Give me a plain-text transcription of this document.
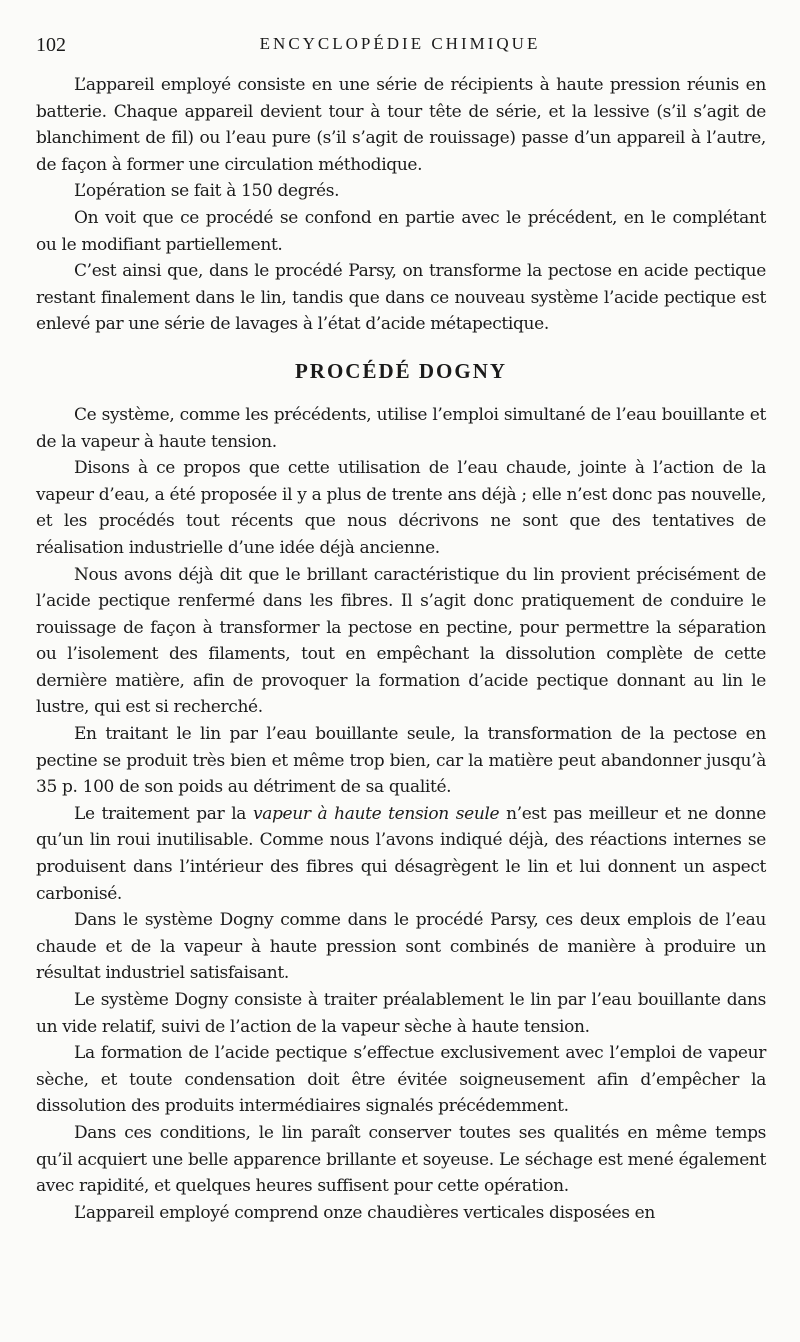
102	ENCYCLOPÉDIE CHIMIQUE

L’appareil employé consiste en une série de récipients à haute pression réunis en batterie. Chaque appareil devient tour à tour tête de série, et la lessive (s’il s’agit de blanchiment de fil) ou l’eau pure (s’il s’agit de rouissage) passe d’un appareil à l’autre, de façon à former une circulation méthodique.

L’opération se fait à 150 degrés.

On voit que ce procédé se confond en partie avec le précédent, en le complétant ou le modifiant partiellement.

C’est ainsi que, dans le procédé Parsy, on transforme la pectose en acide pectique restant finalement dans le lin, tandis que dans ce nouveau système l’acide pectique est enlevé par une série de lavages à l’état d’acide métapectique.

PROCÉDÉ DOGNY

Ce système, comme les précédents, utilise l’emploi simultané de l’eau bouillante et de la vapeur à haute tension.

Disons à ce propos que cette utilisation de l’eau chaude, jointe à l’action de la vapeur d’eau, a été proposée il y a plus de trente ans déjà ; elle n’est donc pas nouvelle, et les procédés tout récents que nous décrivons ne sont que des tentatives de réalisation industrielle d’une idée déjà ancienne.

Nous avons déjà dit que le brillant caractéristique du lin provient précisément de l’acide pectique renfermé dans les fibres. Il s’agit donc pratiquement de conduire le rouissage de façon à transformer la pectose en pectine, pour permettre la séparation ou l’isolement des filaments, tout en empêchant la dissolution complète de cette dernière matière, afin de provoquer la formation d’acide pectique donnant au lin le lustre, qui est si recherché.

En traitant le lin par l’eau bouillante seule, la transformation de la pectose en pectine se produit très bien et même trop bien, car la matière peut abandonner jusqu’à 35 p. 100 de son poids au détriment de sa qualité.

Le traitement par la vapeur à haute tension seule n’est pas meilleur et ne donne qu’un lin roui inutilisable. Comme nous l’avons indiqué déjà, des réactions internes se produisent dans l’intérieur des fibres qui désagrègent le lin et lui donnent un aspect carbonisé.

Dans le système Dogny comme dans le procédé Parsy, ces deux emplois de l’eau chaude et de la vapeur à haute pression sont combinés de manière à produire un résultat industriel satisfaisant.

Le système Dogny consiste à traiter préalablement le lin par l’eau bouillante dans un vide relatif, suivi de l’action de la vapeur sèche à haute tension.

La formation de l’acide pectique s’effectue exclusivement avec l’emploi de vapeur sèche, et toute condensation doit être évitée soigneusement afin d’empêcher la dissolution des produits intermédiaires signalés précédemment.

Dans ces conditions, le lin paraît conserver toutes ses qualités en même temps qu’il acquiert une belle apparence brillante et soyeuse. Le séchage est mené également avec rapidité, et quelques heures suffisent pour cette opération.

L’appareil employé comprend onze chaudières verticales disposées en
